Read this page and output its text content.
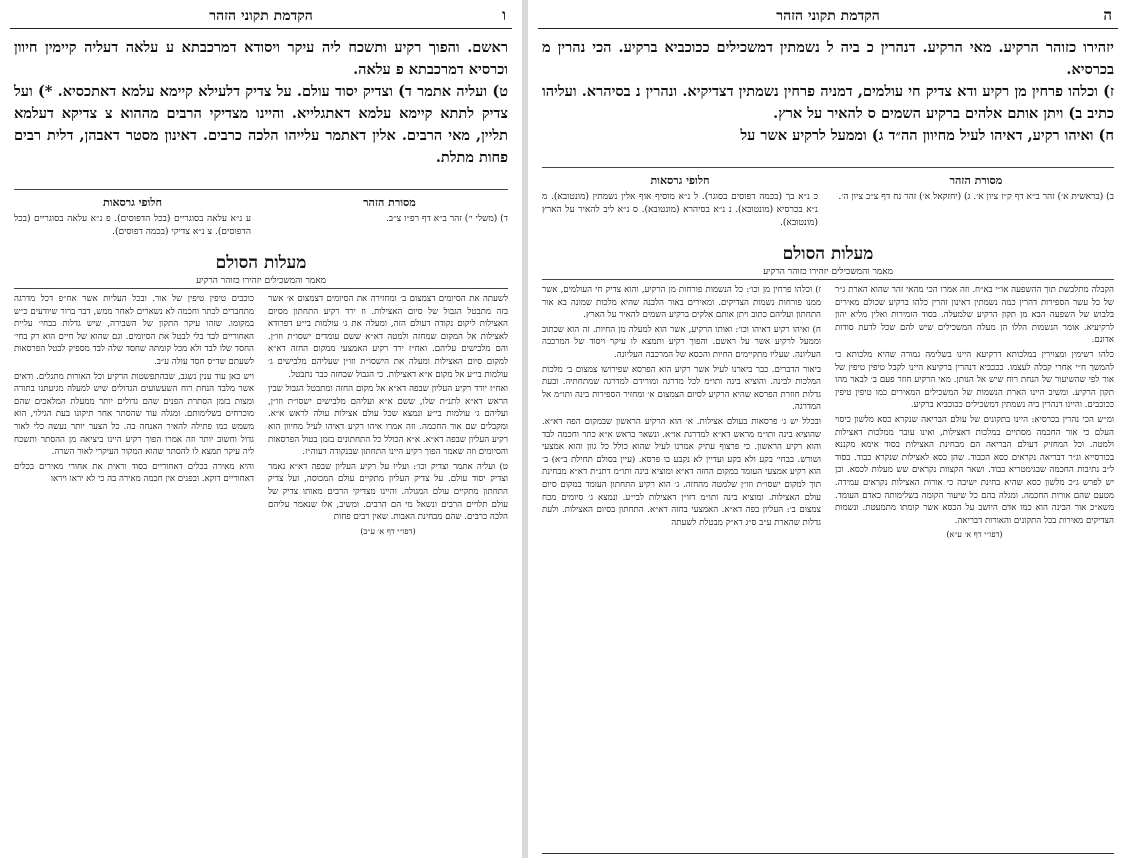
ו
הקדמת תקוני הזהר

ראשם. והפוך רקיע ותשכח ליה עיקר ויסודא דמרכבתא ע עלאה דעליה קיימין חיוון וכרסיא דמרכבתא פ עלאה.

ט) ועליה אתמר ד) וצדיק יסוד עולם. על צדיק דלעילא קיימא עלמא דאתכסיא. *) ועל צדיק לתתא קיימא עלמא דאתגלייא. והיינו מצדיקי הרבים מההוא צ צדיקא דעלמא תליין, מאי הרבים. אלין דאתמר עלייהו הלכה כרבים. דאינון מסטר דאבהן, דלית רבים פחות מתלת.

מסורת הזהר

ד) (משלי י׳) זהר ב״א דף רפ״ו צ״ב.

חלופי גרסאות

ע נ״א עלאה בסוגריים (בכל הדפוסים). פ נ״א עלאה בסוגריים (בכל הדפוסים). צ נ״א צדיקי (בכמה דפוסים).

מעלות הסולם
מאמר והמשכילים יזהירו כזוהר הרקיע

לשעתה את הסיומים דצמצום ב׳ ומחזירה את הסיומים דצמצום א׳ אשר בזה מתבטל הגבול של סיום האצילות. וז ירד רקיע התחתון מסיום האצילות ליקום נקודה דעולם הזה, ומעלה את ג׳ עולמות בי״ע דפרודא לאצילות אל המקום שמחזה ולמטה דא״א ששם עומדים ישסו״ת וזו״ן. והם מלבישים עליהם. ואח״ז ירד רקיע האמצעי ממקום החזה דא״א למקום סיום האצילות ומעלה את הישסו״ת וזו״ן שעליהם מלבישים ג׳ עולמות בי״ע אל מקום א״א דאצילות. כי הגבול שבחזה כבר נתבטל.

ואח״ז יורד רקיע העליון שבפה דא״א אל מקום החזה ומתבטל הגבול שבין הראש דא״א לתנ״ת שלו, ששם א״א ועליהם מלבישים ישסו״ת וזו״ן, ועליהם ג׳ עולמות בי״ע ונמצא שכל עולם אצילות עולה לראש א״א. ומקבלים שם אור החכמה. וזה אמרו איהו רקיע דאיהו לעיל מחיוון הוא רקיע העליון שבפה דא״א. א״א הכולל כל התחתונים בזמן בטול הפרסאות והסיומים וזה שאמר הפוך רקיע היינו התחתון שבנקודה דעוה״ז.

ט) ועליה אתמר וצדיק וכו׳: ועליו על רקיע העליון שבפה דא״א נאמר וצדיק יסוד עולם. על צדיק העליון מתקיים עולם המכוסה, ועל צדיק התחתון מתקיים עולם המגולה. והיינו מצדיקי הרבים מאותו צדיק של עולם תלויים הרבים ונשאל מי הם הרבים. ומשיב, אלו שנאמר עליהם הלכה כרבים. שהם מבחינת האבות. שאין רבים פחות

(דפו״י דף א׳ ע״ב)

כוכבים טיפין טיפין של אור. ובכל העליות אשר אח״פ דכל מדרגה מתחברים לכתר וחכמה לא נשארים לאחר ממש, דבר ברור שיודעים כ״ש במקומו. שזהו עיקר התקון של השבירה, שיש גדלות בבחי׳ עליית האחוריים לבד בלי לבטל את הסיומים. וגם שהוא של חיים הוא רק בחי׳ החסד שלו לבד ולא מכל קומתה שחסד שלה לבד מספיק לבטל הפרסאות לשעתם שד״ס חסד עולה ע״ב.

ויש כאן עוד ענין נשגב, שבהתפשטות הרקיע וכל האורות מתגלים. ודאים אשר מלבד הנחת רוח השעשועים הגדולים שיש למעלה מגיעתנו בתורה ומצות בזמן הסתרת הפנים שהם גדולים יותר ממעלת המלאכים שהם מוכרחים בשלימותם. ומגלה עוד שהסתר אחר תיקונו בעת הגילוי, הוא משמש כמו פתילה להאיר האנחה בה. כל הצער יותר נעשה כלי לאור גדול וחשוב יותר וזה אמרו הפוך רקיע היינו ביציאה מן ההסתר ותשכח ליה עיקר תמצא לו להסתר שהוא המקור העיקרי לאור השרה.

והיא מאירה בכלים דאחוריים בסוד וראית את אחורי מאירים בכלים דאחוריים דוקא. ובפנים אין חכמה מאירה בה כי לא יראו ויראו

ה
הקדמת תקוני הזהר

יזהירו כזוהר הרקיע. מאי הרקיע. דנהרין כ ביה ל נשמתין דמשכילים ככוכביא ברקיע. הכי נהרין מ בכרסיא.

ז) וכלהו פרחין מן רקיע ודא צדיק חי עולמים, דמניה פרחין נשמתין דצדיקיא. ונהרין נ בסיהרא. ועליהו כתיב ב) ויתן אותם אלהים ברקיע השמים ס להאיר על ארץ.

ח) ואיהו רקיע, דאיהו לעיל מחיוון הה״ד ג) וממעל לרקיע אשר על

מסורת הזהר

ב) (בראשית א׳) זהר ב״א דף ק״ז ציון א׳. ג) (יחזקאל א׳) זהר נח דף צ״ב ציון ה׳.

חלופי גרסאות

כ נ״א בך (בכמה דפוסים בסוגר). ל נ״א מוסיף אוף אלין נשמתין (מונטובא). מ נ״א בכרסיא (מונטובא). נ נ״א בסיהרא (מונטובא). ס נ״א ליב להאיר על הארץ (מונטובא).

מעלות הסולם
מאמר והמשכילים יזהירו כזוהר הרקיע

הקבלה מתלבשת תוך ההשפעה או״י בא״ח. וזה אמרו הכי מהאי זהר שהוא הארת ג״ר של כל עשר הספירות דהרין כמה נשמתין דאינון זהרין כלהו ברקיע שכולם מאירים בלבוש של השפעה הבא מן תקון הרקיע שלמעלה. בסוד הזמירות ואלין מליא יהון לרקיעיא. אומר הנשמות הללו הן מעלה המשכילים שיש להם שכל לדעת סודות אדונם.

כלהו רשימין ומצוירין במלכותא דרקיעא היינו בשלימה גמורה שהיא מלכותא כי להמשך ח״י אחרי קבלה לעצמו. כככביא דנהרין ברקיעא היינו לקבל טיפין טיפין של אור לפי שהשיעור של הנחת רוח שיש אל הנותן. מאי הרקיע חוזר פעם ב׳ לבאר מהו תקון הרקיע. ומשיב היינו הארת הנשמות של המשכילים המאירים כמו טיפין טיפין ככוכבים. והיינו דנהרין ביה נשמתין דמשכילים ככוכביא ברקיע.

ומ״ש הכי נהרין בכרסיא: היינו בתקונים של עולם הבריאה שנקרא כסא מלשון כיסוי העלם כי אור החכמה מסתיים במלכות דאצילות, ואינו עובר ממלכות דאצילות ולמטה. וכל המחזיק דעולם הבריאה הם מבחינת האצילות בסוד אימא מקננא בכורסייא וג״ר דבריאה נקראים כסא הכבוד. שהן כסא לאצילות שנקרא כבוד. בסוד ל״ב נתיבות החכמה שבגימטריא כבוד. ושאר הקצוות נקראים שש מעלות לכסא. וכן יש לפרש ג״כ מלשון כסא שהיא בחינת ישיבה כי אורות האצילות נקראים עמידה. מטעם שהם אורות החכמה. ומגלה בהם כל שיעור הקומה בשלימותה כאדם העומד. משא״כ אור הבינה הוא כמו אדם היושב על הכסא אשר קומתו מתמעטת. ונשמות הצדיקים מאירות בכל התקונים והאורות דבריאה.

(דפו״י דף א׳ ע״א)

ז) וכלהו פרחין מן וכו׳: כל הנשמות פורחות מן הרקיע, והוא צדיק חי העולמים, אשר ממנו פורחות נשמות הצדיקים. ומאירים באור הלבנה שהיא מלכות שמונה בא אור התחתון ועליהם כתוב ויתן אותם אלקים ברקיע השמים להאיר על הארץ.

ח) ואיהו רקיע דאיהו וכו׳: ואותו הרקיע, אשר הוא למעלה מן החיות. זה הוא שכתוב וממעל לרקיע אשר על ראשם. והפוך רקיע ותמצא לו עיקר ויסוד של המרכבה העליונה. שעליו מתקיימים החיות והכסא של המרכבה העליונה.

ביאור הדברים. כבר ביארנו לעיל אשר רקיע הוא הפרסא שפירושו צמצום ב׳ מלכות המלכות לבינה. והוציא בינה ותו״מ לכל מדרגה ומורידם למדרגה שמתחתיה. ובעת גדלות חוזרת הפרסא שהיא הרקיע לסיום הצמצום א׳ ומחזיר הספירות בינה ותו״מ אל המדרגה.

ובכלל יש ג׳ פרסאות בעולם אצילות. א׳ הוא הרקיע הראשון שבמקום הפה דא״א. שהוציא בינה ותו״מ מראש דא״א למדרגת או״א. ונשאר בראש א״א כתר וחכמה לבד והוא רקיע הראשון. כי פרצוף עתיק אמרנו לעיל שהוא כולל כל גוון והוא אמצעי ושורש. בבחי׳ בקע ולא בקע ועדיין לא נקבע בו פרסא. (עיין בסולם תחילת ב״א) ב׳ הוא רקיע אמצעי העומד במקום החזה דא״א ומוציא בינה ותו״מ דתנ״ת דא״א מבחינת תוך למקום ישסו״ת וזו״ן שלמטה מהחזה. ג׳ הוא רקיע התחתון העומד במקום סיום עולם האצילות. ומוציא בינה ותו״מ דזו״ן דאצילות לבי״ע. ונמצא ג׳ סיומים מכח צמצום ב׳: העליון בפה דא״א. האמצעי בחזה דא״א. התחתון בסיום האצילות. ולעת גדלות שהארת ע״ב ס״ג דא״ק מבטלת לשעתה
